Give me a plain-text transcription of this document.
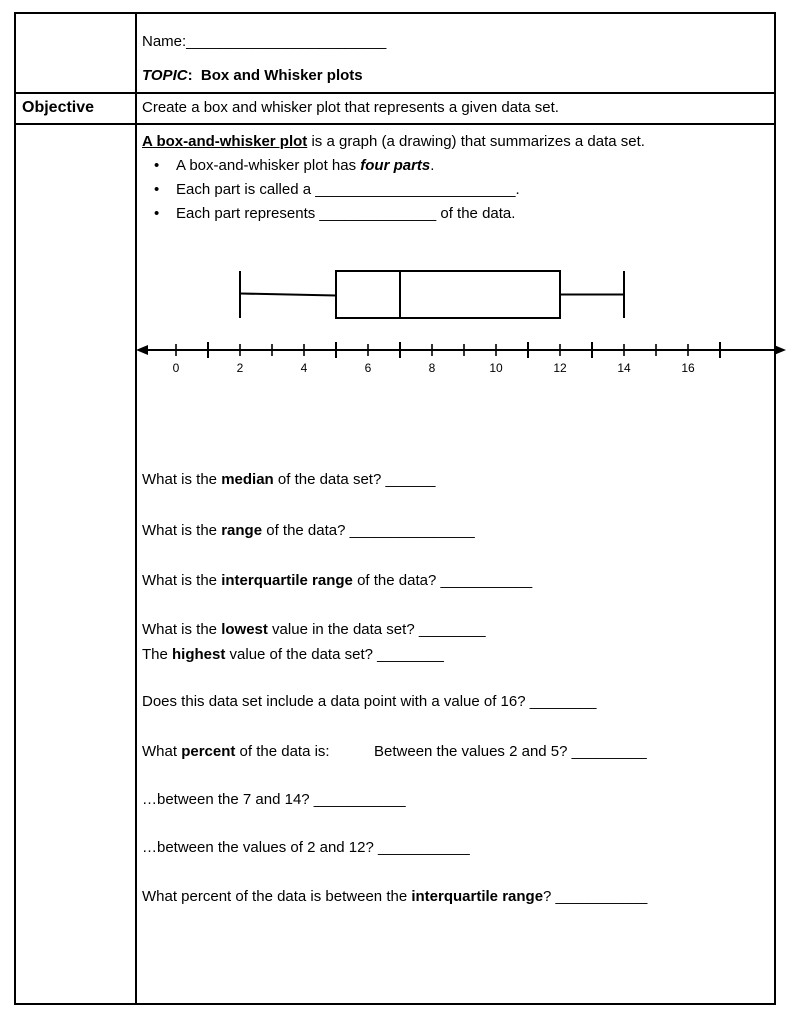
Name:________________________
TOPIC: Box and Whisker plots
Objective	Create a box and whisker plot that represents a given data set.
A box-and-whisker plot is a graph (a drawing) that summarizes a data set.
• A box-and-whisker plot has four parts.
• Each part is called a ________________________.
• Each part represents ______________ of the data.
0	2	4	6	8	10	12	14	16
What is the median of the data set? ______
What is the range of the data? _______________
What is the interquartile range of the data? ___________
What is the lowest value in the data set? ________
The highest value of the data set? ________
Does this data set include a data point with a value of 16? ________
What percent of the data is:	Between the values 2 and 5? _________
…between the 7 and 14? ___________
…between the values of 2 and 12? ___________
What percent of the data is between the interquartile range? ___________
